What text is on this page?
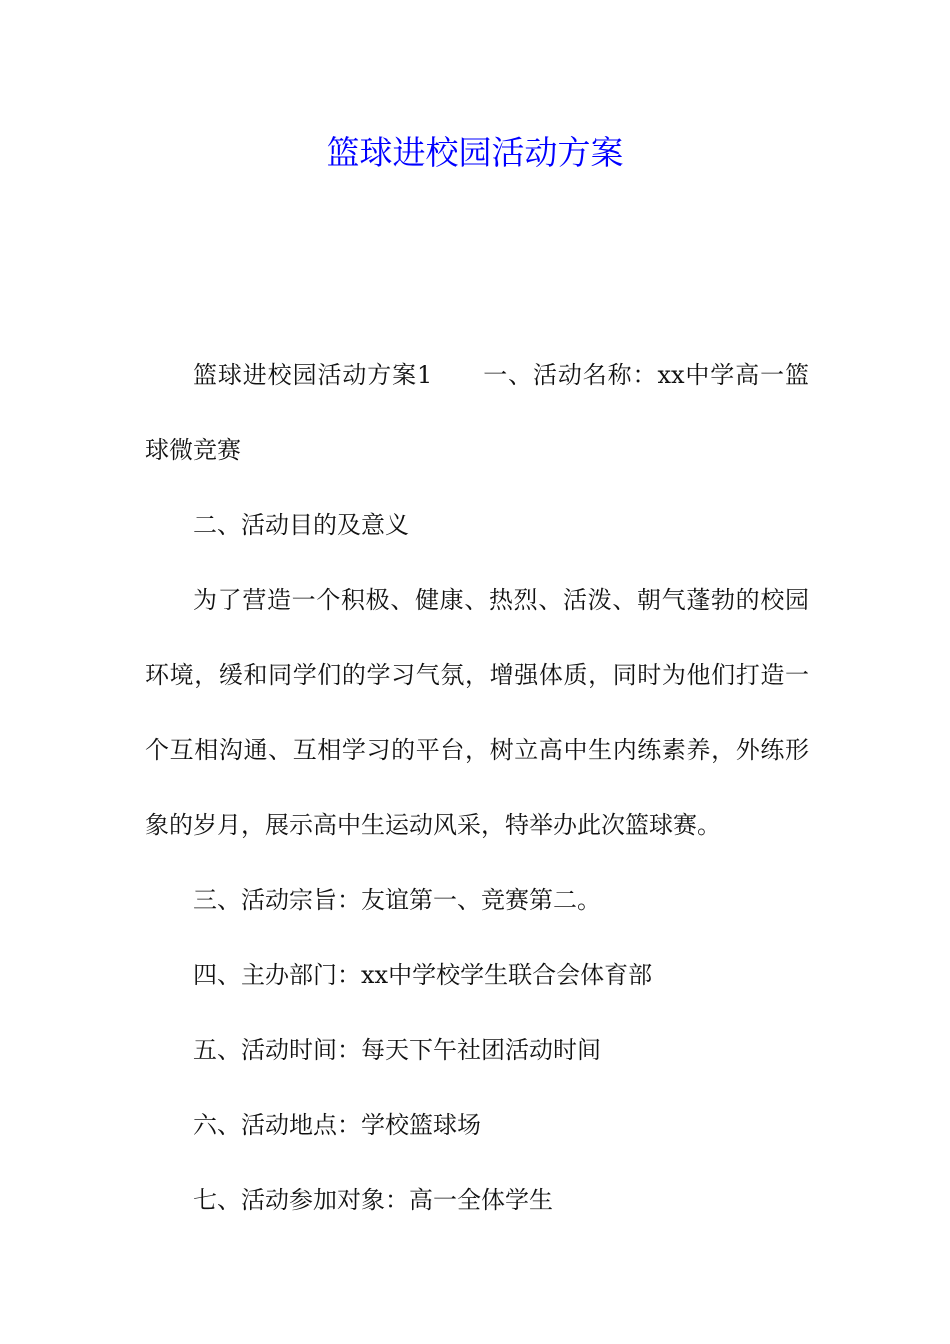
篮球进校园活动方案

篮球进校园活动方案1 一、活动名称：xx中学高一篮球微竞赛

二、活动目的及意义

为了营造一个积极、健康、热烈、活泼、朝气蓬勃的校园环境，缓和同学们的学习气氛，增强体质，同时为他们打造一个互相沟通、互相学习的平台，树立高中生内练素养，外练形象的岁月，展示高中生运动风采，特举办此次篮球赛。

三、活动宗旨：友谊第一、竞赛第二。

四、主办部门：xx中学校学生联合会体育部

五、活动时间：每天下午社团活动时间

六、活动地点：学校篮球场

七、活动参加对象：高一全体学生
